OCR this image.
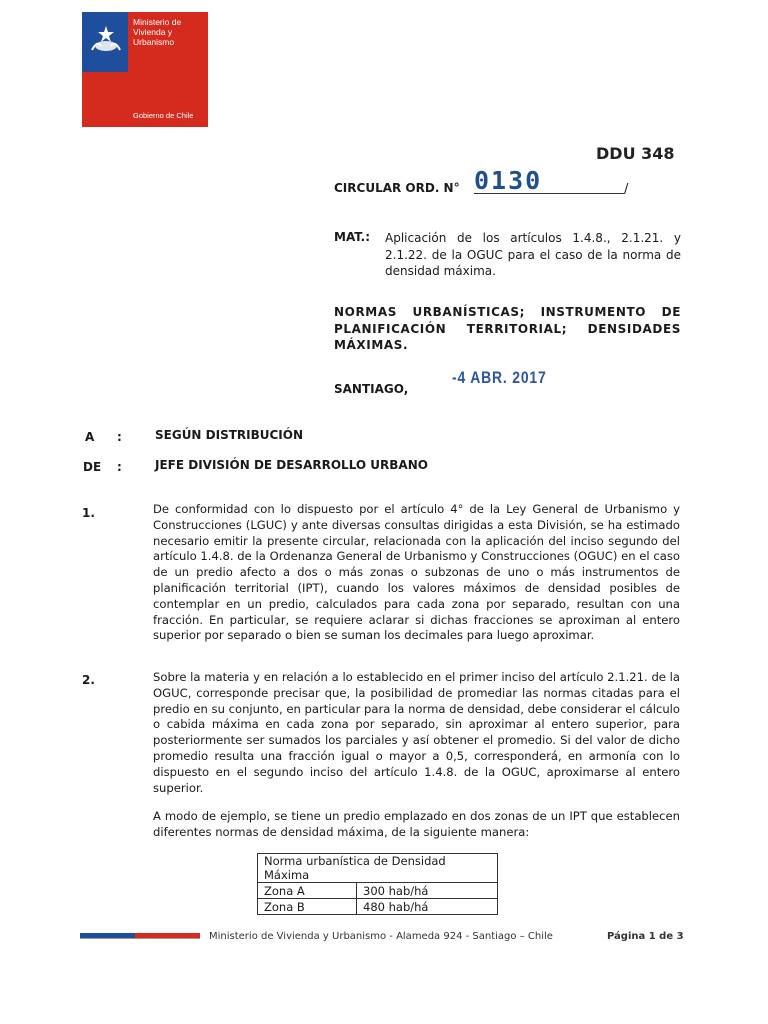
Ministerio de Vivienda y Urbanismo
Gobierno de Chile
DDU 348
CIRCULAR ORD. N° 0130	/
MAT.: Aplicación de los artículos 1.4.8., 2.1.21. y 2.1.22. de la OGUC para el caso de la norma de densidad máxima.
NORMAS URBANÍSTICAS; INSTRUMENTO DE PLANIFICACIÓN TERRITORIAL; DENSIDADES MÁXIMAS.
SANTIAGO,
-4 ABR. 2017
A :	SEGÚN DISTRIBUCIÓN
DE :	JEFE DIVISIÓN DE DESARROLLO URBANO
1.	De conformidad con lo dispuesto por el artículo 4° de la Ley General de Urbanismo y Construcciones (LGUC) y ante diversas consultas dirigidas a esta División, se ha estimado necesario emitir la presente circular, relacionada con la aplicación del inciso segundo del artículo 1.4.8. de la Ordenanza General de Urbanismo y Construcciones (OGUC) en el caso de un predio afecto a dos o más zonas o subzonas de uno o más instrumentos de planificación territorial (IPT), cuando los valores máximos de densidad posibles de contemplar en un predio, calculados para cada zona por separado, resultan con una fracción. En particular, se requiere aclarar si dichas fracciones se aproximan al entero superior por separado o bien se suman los decimales para luego aproximar.
2.	Sobre la materia y en relación a lo establecido en el primer inciso del artículo 2.1.21. de la OGUC, corresponde precisar que, la posibilidad de promediar las normas citadas para el predio en su conjunto, en particular para la norma de densidad, debe considerar el cálculo o cabida máxima en cada zona por separado, sin aproximar al entero superior, para posteriormente ser sumados los parciales y así obtener el promedio. Si del valor de dicho promedio resulta una fracción igual o mayor a 0,5, corresponderá, en armonía con lo dispuesto en el segundo inciso del artículo 1.4.8. de la OGUC, aproximarse al entero superior.
A modo de ejemplo, se tiene un predio emplazado en dos zonas de un IPT que establecen diferentes normas de densidad máxima, de la siguiente manera:
Norma urbanística de Densidad Máxima	
Zona A	300 hab/há
Zona B	480 hab/há
Ministerio de Vivienda y Urbanismo - Alameda 924 - Santiago – Chile	Página 1 de 3
